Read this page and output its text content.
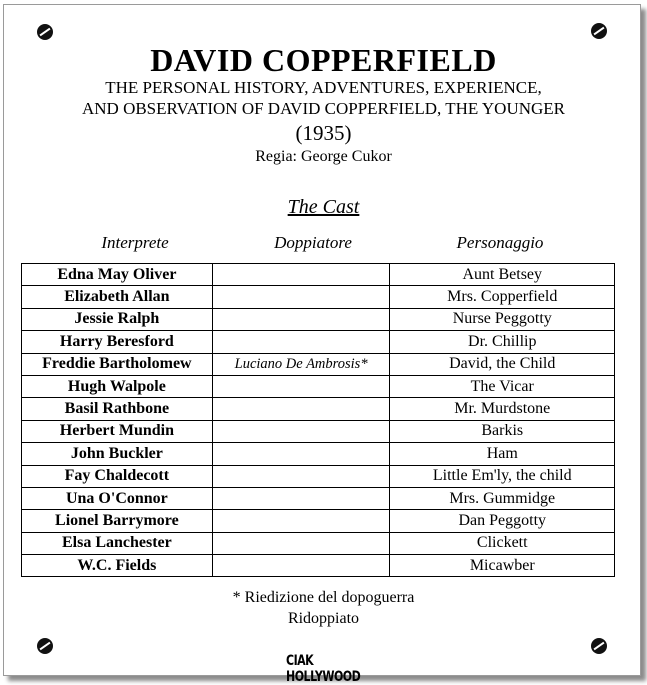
DAVID COPPERFIELD
THE PERSONAL HISTORY, ADVENTURES, EXPERIENCE,
AND OBSERVATION OF DAVID COPPERFIELD, THE YOUNGER
(1935)
Regia: George Cukor
The Cast
Interprete	Doppiatore	Personaggio
Edna May Oliver		Aunt Betsey
Elizabeth Allan		Mrs. Copperfield
Jessie Ralph		Nurse Peggotty
Harry Beresford		Dr. Chillip
Freddie Bartholomew	Luciano De Ambrosis*	David, the Child
Hugh Walpole		The Vicar
Basil Rathbone		Mr. Murdstone
Herbert Mundin		Barkis
John Buckler		Ham
Fay Chaldecott		Little Em'ly, the child
Una O'Connor		Mrs. Gummidge
Lionel Barrymore		Dan Peggotty
Elsa Lanchester		Clickett
W.C. Fields		Micawber
* Riedizione del dopoguerra
Ridoppiato
CIAK HOLLYWOOD
